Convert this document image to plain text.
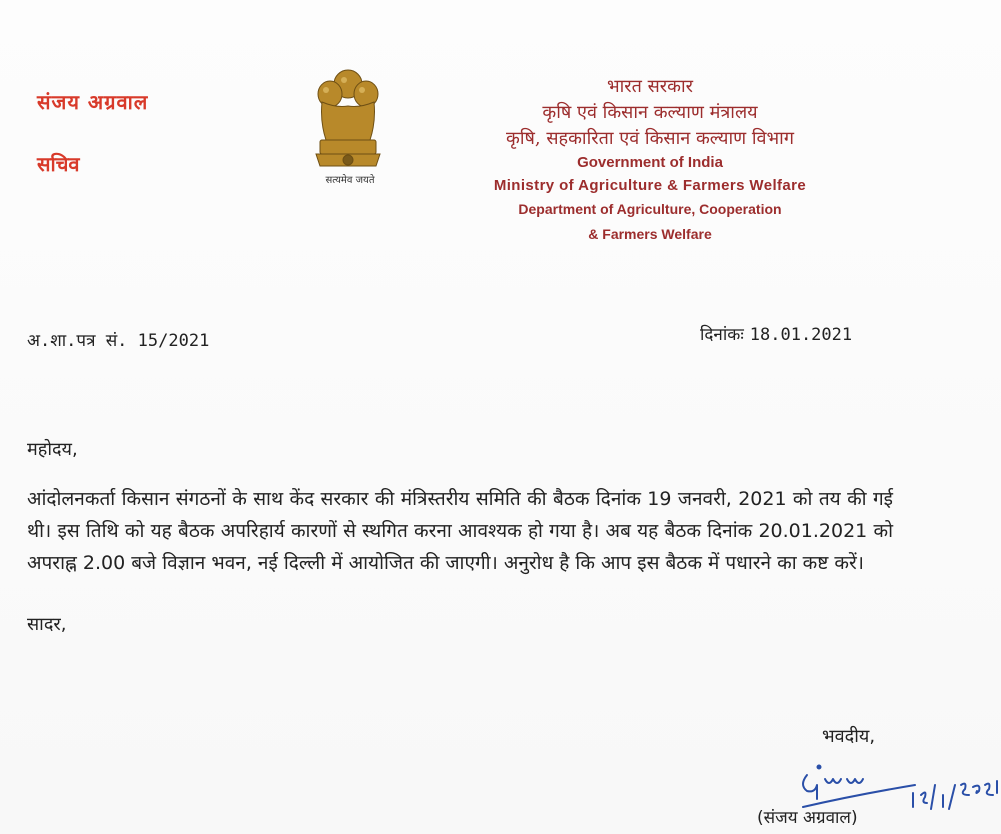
संजय अग्रवाल
सचिव
सत्यमेव जयते
भारत सरकार
कृषि एवं किसान कल्याण मंत्रालय
कृषि, सहकारिता एवं किसान कल्याण विभाग
Government of India
Ministry of Agriculture & Farmers Welfare
Department of Agriculture, Cooperation
& Farmers Welfare
अ.शा.पत्र सं. 15/2021	दिनांकः 18.01.2021
महोदय,
आंदोलनकर्ता किसान संगठनों के साथ केंद सरकार की मंत्रिस्तरीय समिति की बैठक दिनांक 19 जनवरी, 2021 को तय की गई थी। इस तिथि को यह बैठक अपरिहार्य कारणों से स्थगित करना आवश्यक हो गया है। अब यह बैठक दिनांक 20.01.2021 को अपराह्न 2.00 बजे विज्ञान भवन, नई दिल्ली में आयोजित की जाएगी। अनुरोध है कि आप इस बैठक में पधारने का कष्ट करें।
सादर,
भवदीय,
(संजय अग्रवाल)
